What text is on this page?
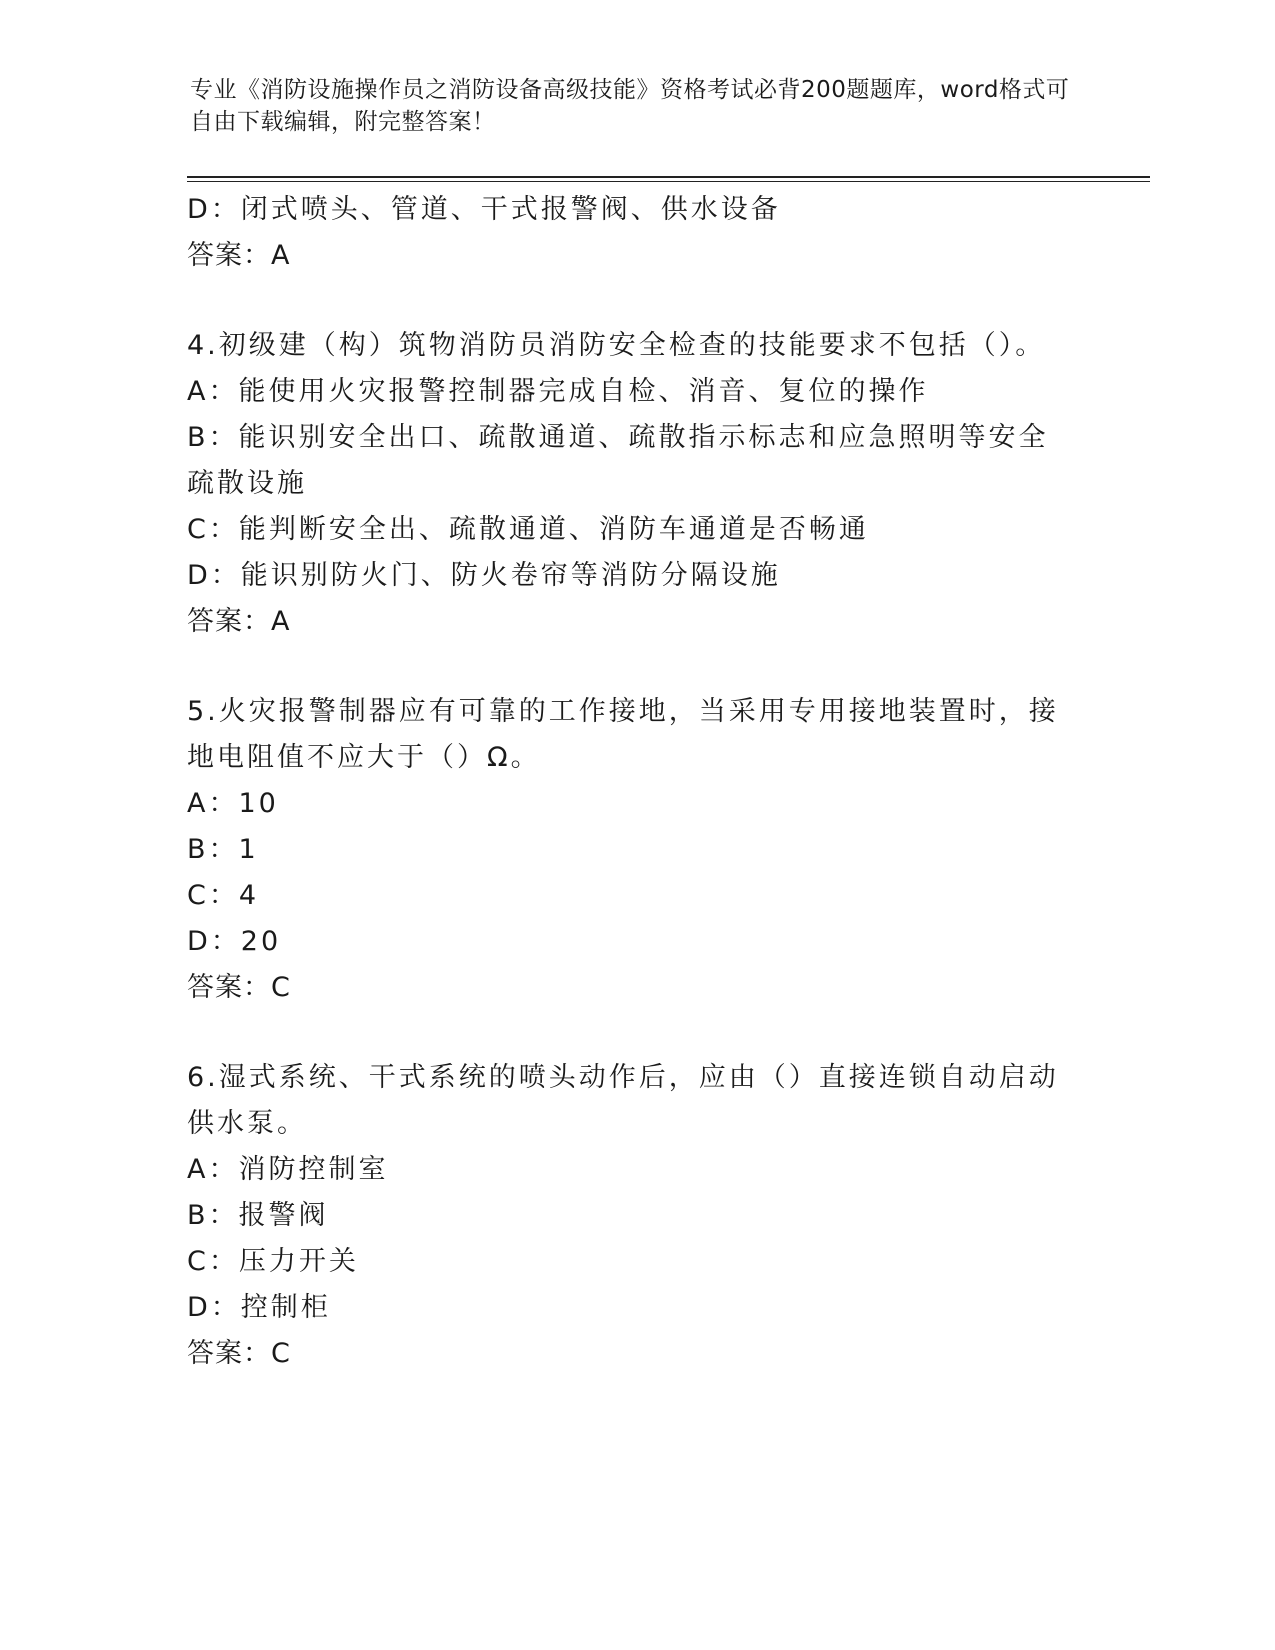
专业《消防设施操作员之消防设备高级技能》资格考试必背200题题库，word格式可自由下载编辑，附完整答案！
D：闭式喷头、管道、干式报警阀、供水设备
答案：A
4.初级建（构）筑物消防员消防安全检查的技能要求不包括（）。
A：能使用火灾报警控制器完成自检、消音、复位的操作
B：能识别安全出口、疏散通道、疏散指示标志和应急照明等安全疏散设施
C：能判断安全出、疏散通道、消防车通道是否畅通
D：能识别防火门、防火卷帘等消防分隔设施
答案：A
5.火灾报警制器应有可靠的工作接地，当采用专用接地装置时，接地电阻值不应大于（）Ω。
A：10
B：1
C：4
D：20
答案：C
6.湿式系统、干式系统的喷头动作后，应由（）直接连锁自动启动供水泵。
A：消防控制室
B：报警阀
C：压力开关
D：控制柜
答案：C
